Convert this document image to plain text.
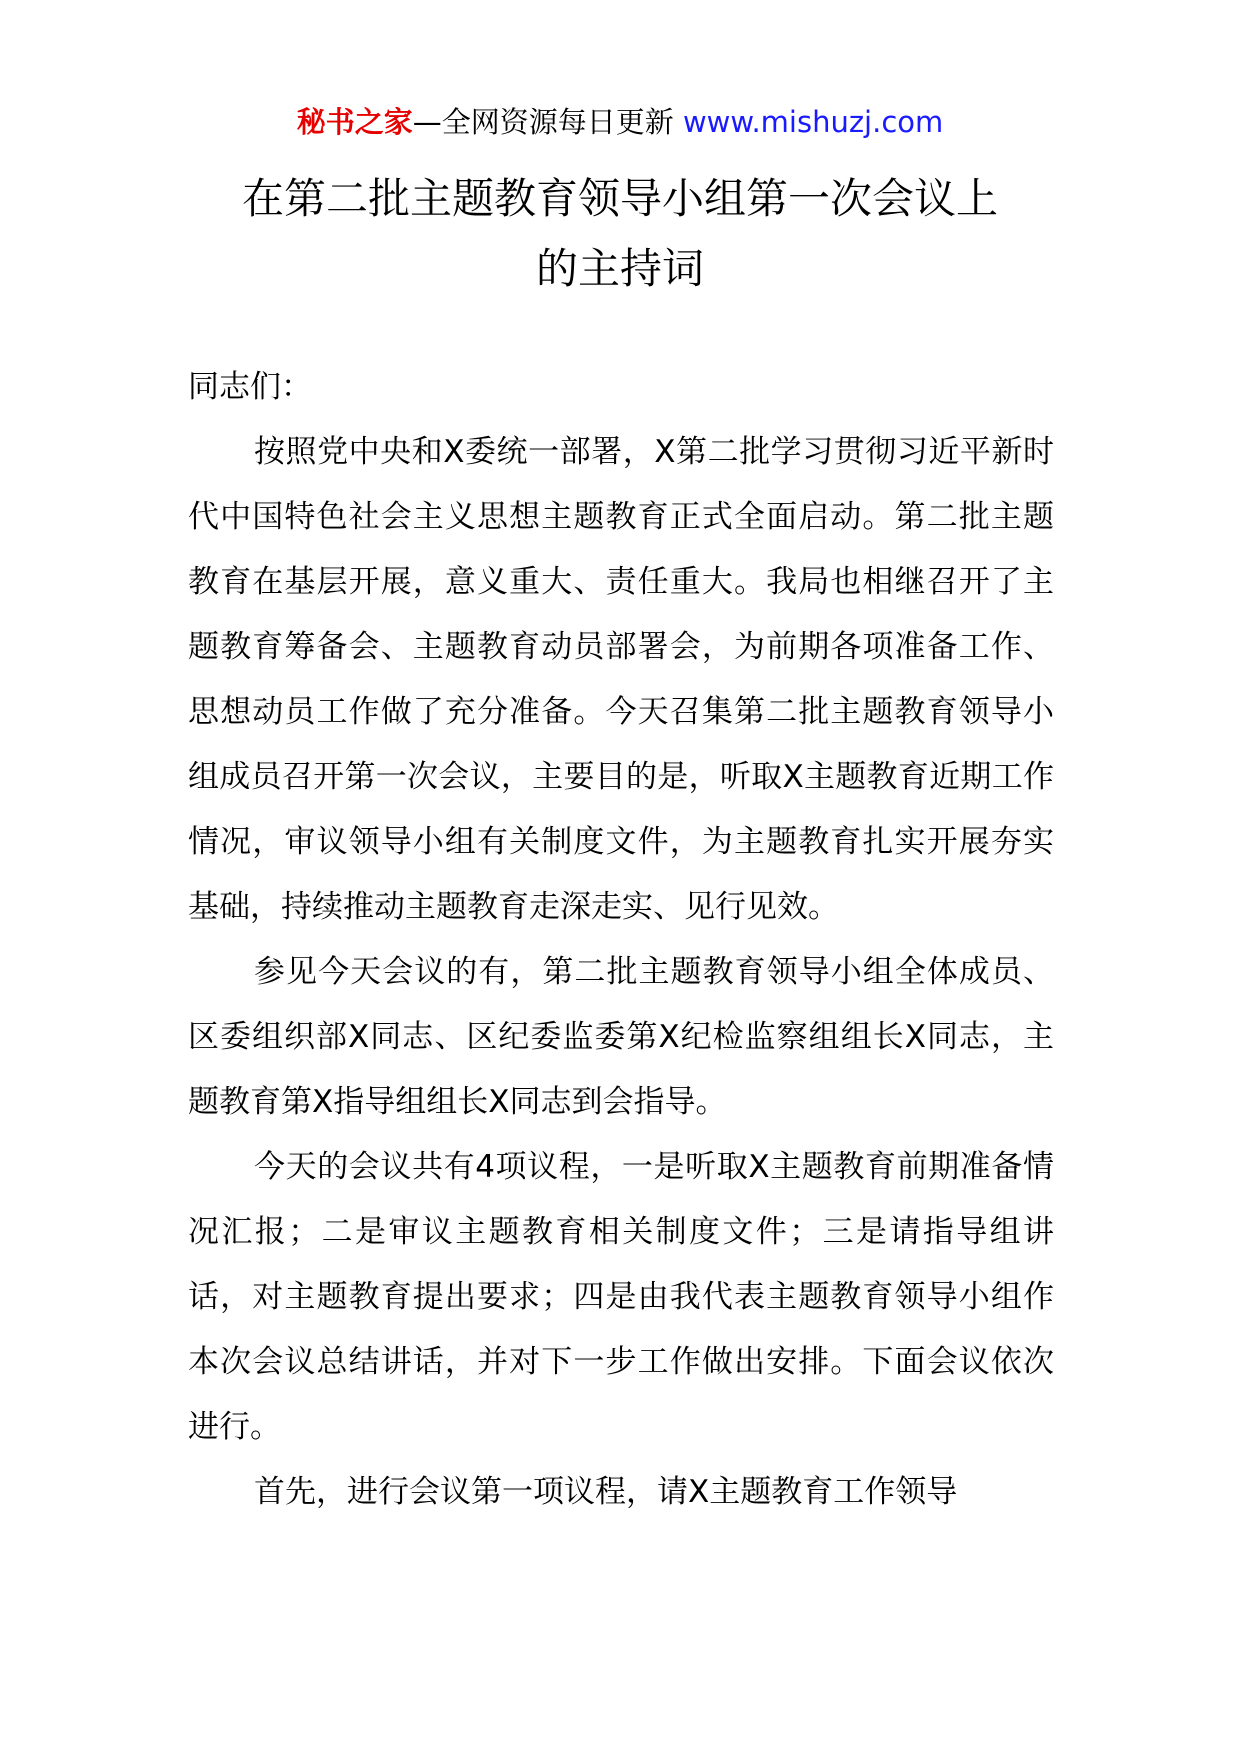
秘书之家—全网资源每日更新 www.mishuzj.com
在第二批主题教育领导小组第一次会议上
的主持词

同志们：

按照党中央和X委统一部署，X第二批学习贯彻习近平新时代中国特色社会主义思想主题教育正式全面启动。第二批主题教育在基层开展，意义重大、责任重大。我局也相继召开了主题教育筹备会、主题教育动员部署会，为前期各项准备工作、思想动员工作做了充分准备。今天召集第二批主题教育领导小组成员召开第一次会议，主要目的是，听取X主题教育近期工作情况，审议领导小组有关制度文件，为主题教育扎实开展夯实基础，持续推动主题教育走深走实、见行见效。

参见今天会议的有，第二批主题教育领导小组全体成员、区委组织部X同志、区纪委监委第X纪检监察组组长X同志，主题教育第X指导组组长X同志到会指导。

今天的会议共有4项议程，一是听取X主题教育前期准备情况汇报；二是审议主题教育相关制度文件；三是请指导组讲话，对主题教育提出要求；四是由我代表主题教育领导小组作本次会议总结讲话，并对下一步工作做出安排。下面会议依次进行。

首先，进行会议第一项议程，请X主题教育工作领导
